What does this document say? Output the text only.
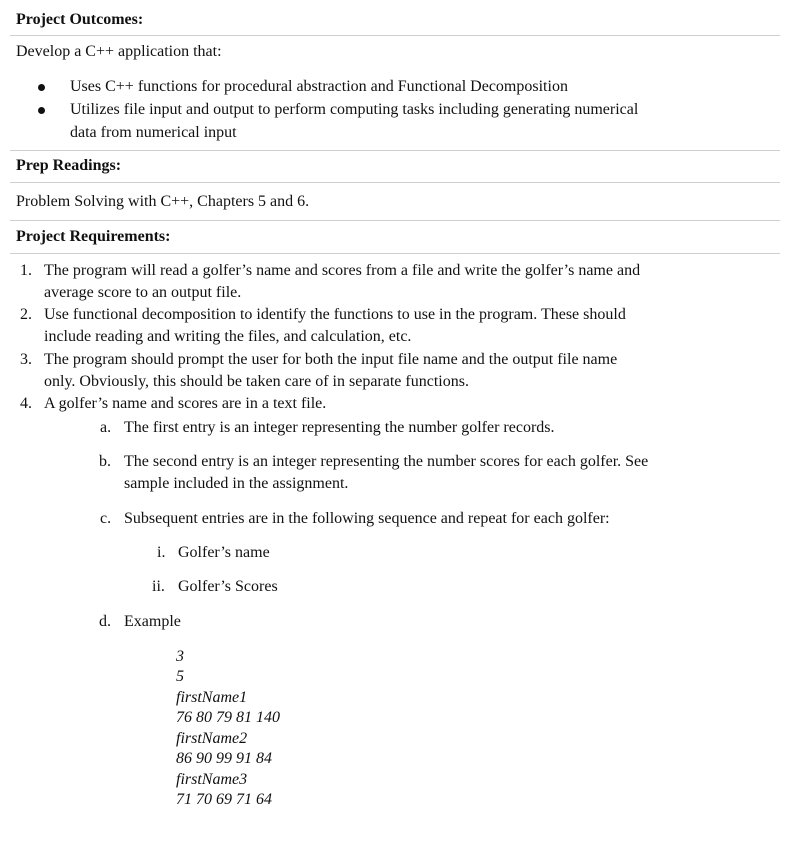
Project Outcomes:
Develop a C++ application that:
Uses C++ functions for procedural abstraction and Functional Decomposition
Utilizes file input and output to perform computing tasks including generating numerical
data from numerical input
Prep Readings:
Problem Solving with C++, Chapters 5 and 6.
Project Requirements:
1. The program will read a golfer’s name and scores from a file and write the golfer’s name and
average score to an output file.
2. Use functional decomposition to identify the functions to use in the program. These should
include reading and writing the files, and calculation, etc.
3. The program should prompt the user for both the input file name and the output file name
only. Obviously, this should be taken care of in separate functions.
4. A golfer’s name and scores are in a text file.
a. The first entry is an integer representing the number golfer records.
b. The second entry is an integer representing the number scores for each golfer. See
sample included in the assignment.
c. Subsequent entries are in the following sequence and repeat for each golfer:
i. Golfer’s name
ii. Golfer’s Scores
d. Example
3
5
firstName1
76 80 79 81 140
firstName2
86 90 99 91 84
firstName3
71 70 69 71 64
